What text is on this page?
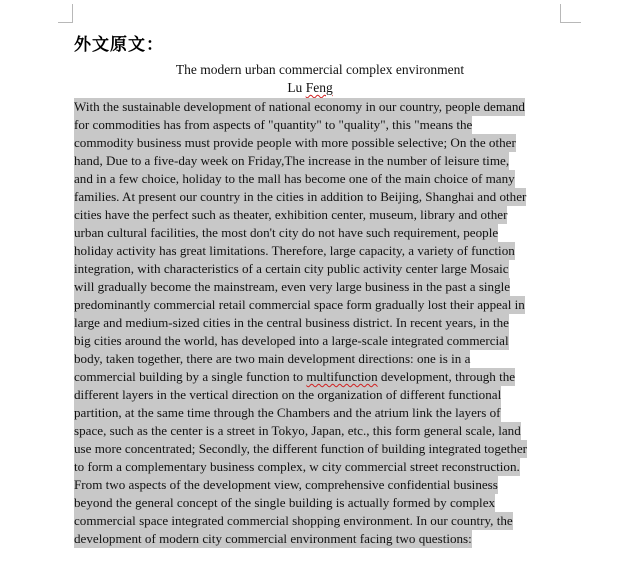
外文原文：
The modern urban commercial complex environment
Lu Feng
With the sustainable development of national economy in our country, people demand
for commodities has from aspects of "quantity" to "quality", this "means the
commodity business must provide people with more possible selective; On the other
hand, Due to a five-day week on Friday,The increase in the number of leisure time,
and in a few choice, holiday to the mall has become one of the main choice of many
families. At present our country in the cities in addition to Beijing, Shanghai and other
cities have the perfect such as theater, exhibition center, museum, library and other
urban cultural facilities, the most don't city do not have such requirement, people
holiday activity has great limitations. Therefore, large capacity, a variety of function
integration, with characteristics of a certain city public activity center large Mosaic
will gradually become the mainstream, even very large business in the past a single
predominantly commercial retail commercial space form gradually lost their appeal in
large and medium-sized cities in the central business district. In recent years, in the
big cities around the world, has developed into a large-scale integrated commercial
body, taken together, there are two main development directions: one is in a
commercial building by a single function to multifunction development, through the
different layers in the vertical direction on the organization of different functional
partition, at the same time through the Chambers and the atrium link the layers of
space, such as the center is a street in Tokyo, Japan, etc., this form general scale, land
use more concentrated; Secondly, the different function of building integrated together
to form a complementary business complex, w city commercial street reconstruction.
From two aspects of the development view, comprehensive confidential business
beyond the general concept of the single building is actually formed by complex
commercial space integrated commercial shopping environment. In our country, the
development of modern city commercial environment facing two questions:
